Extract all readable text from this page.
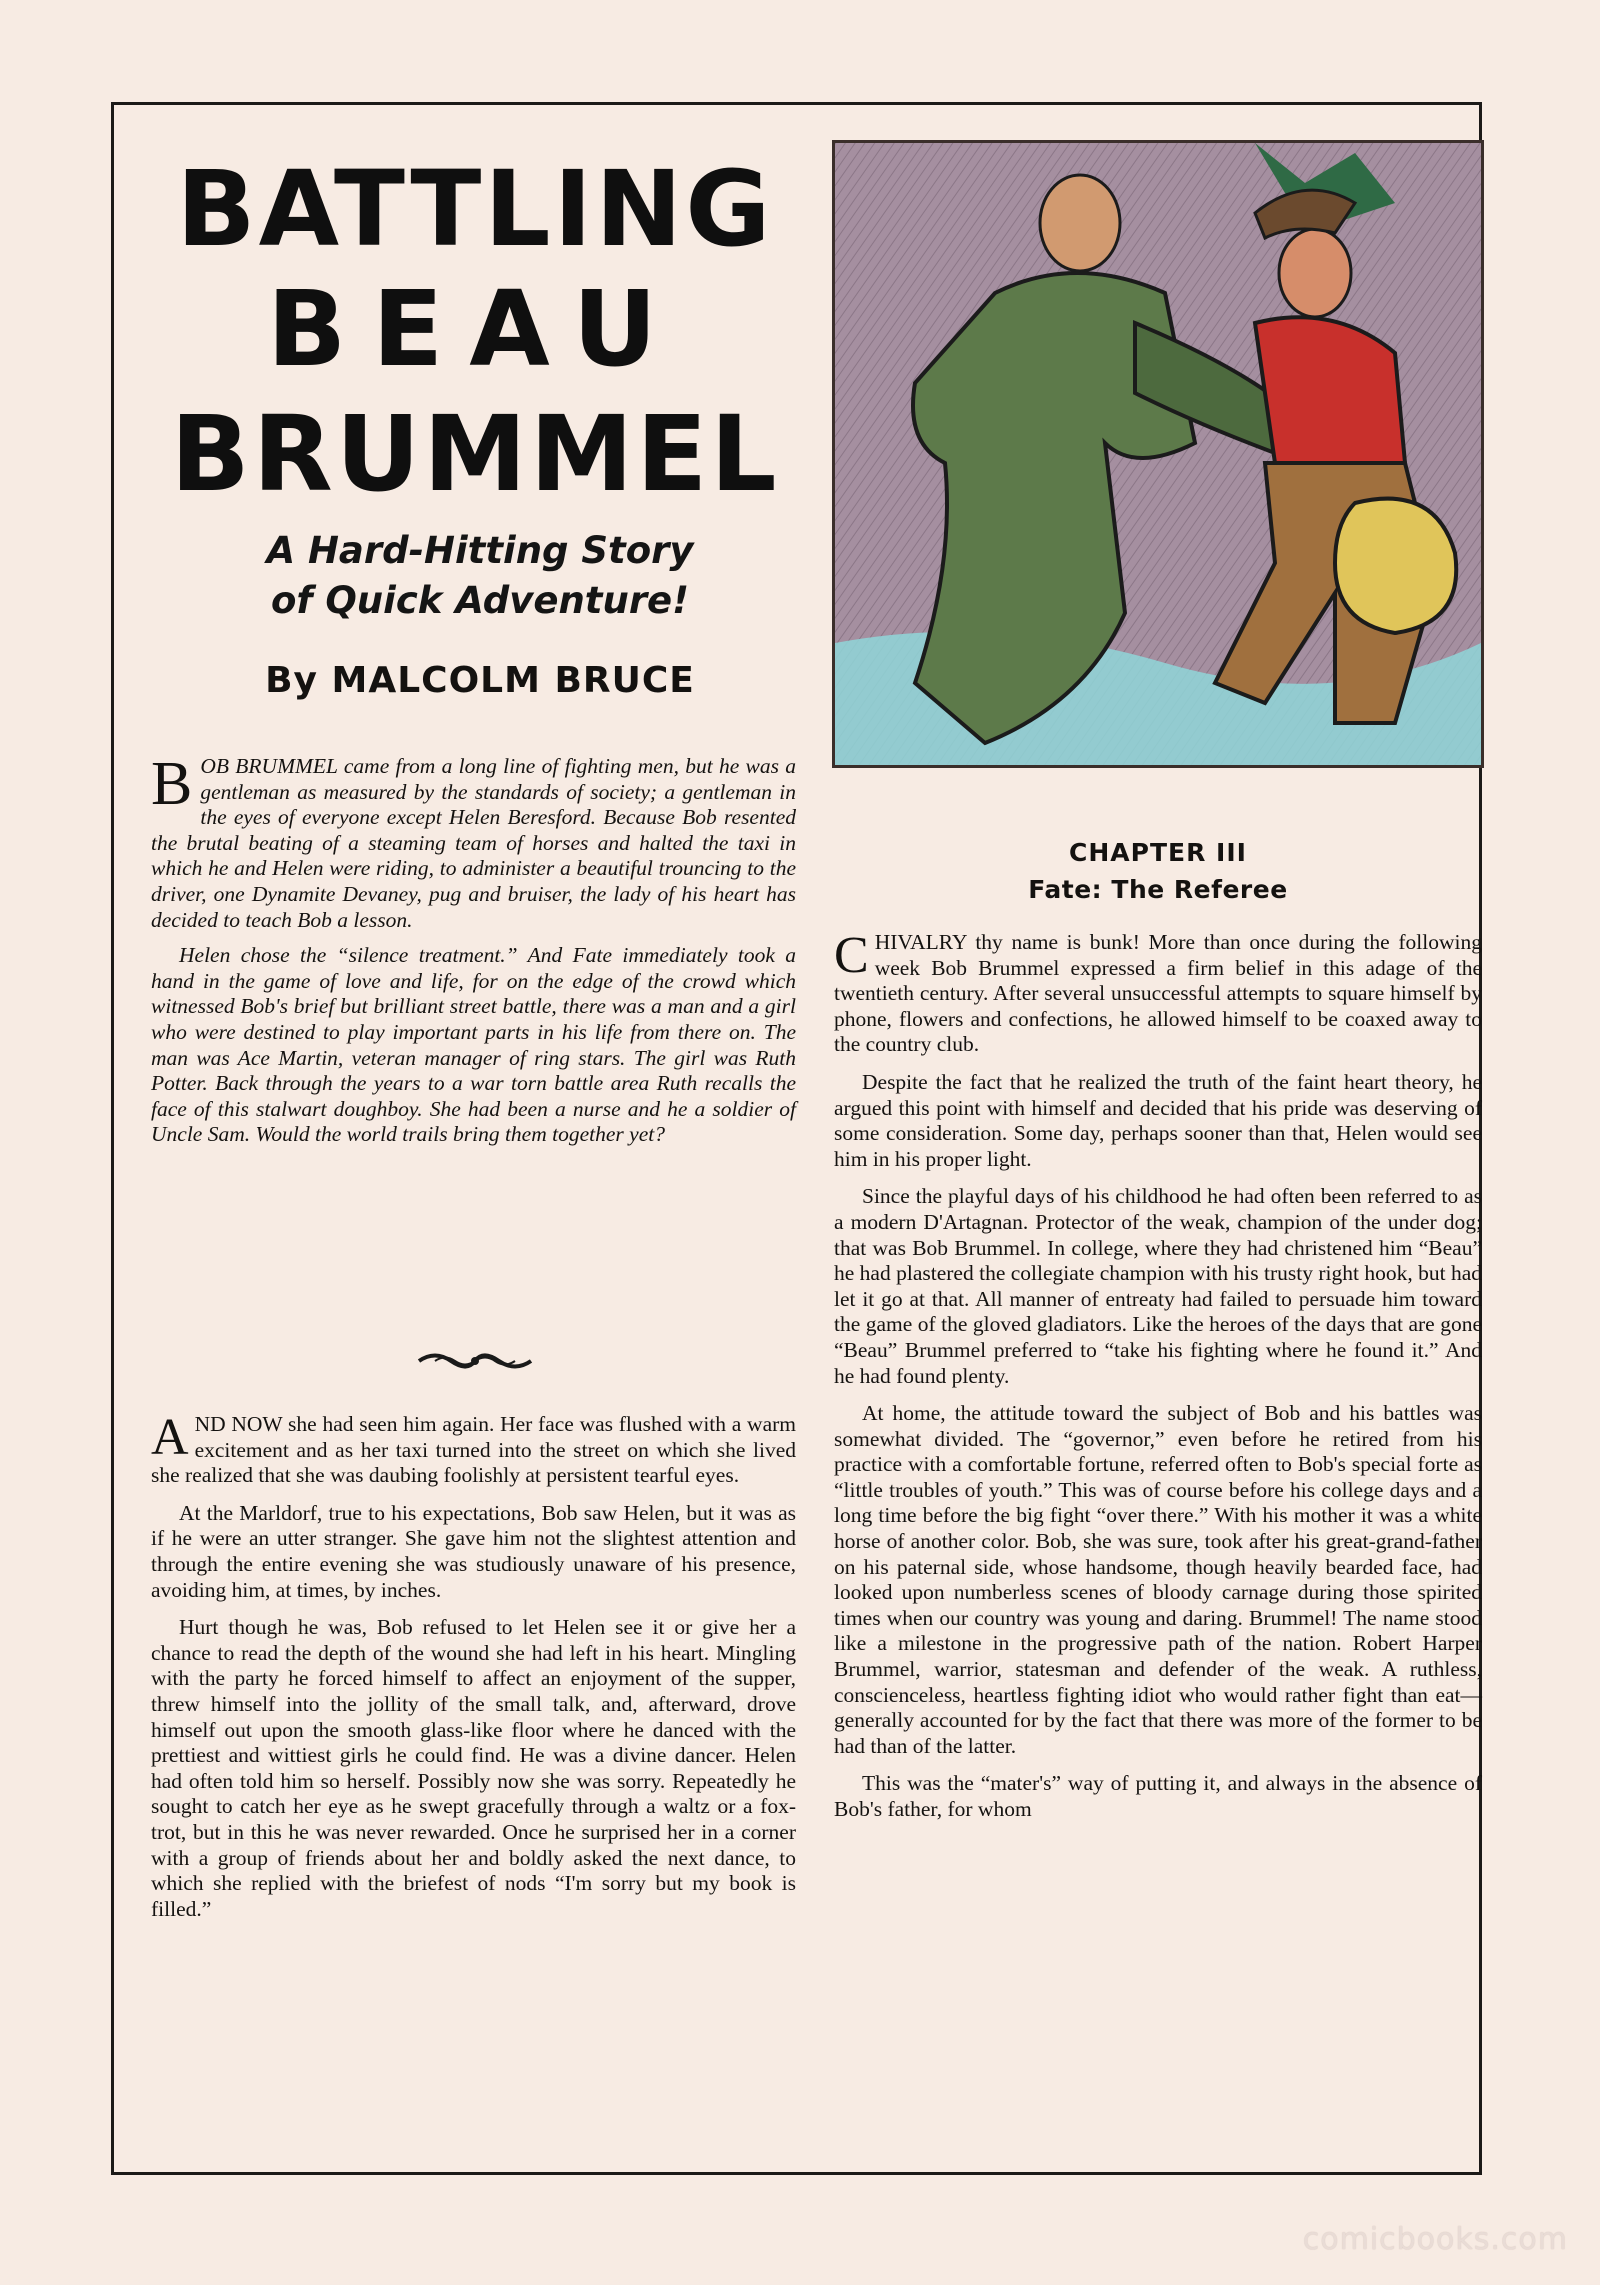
BATTLING
BEAU
BRUMMEL
A Hard-Hitting Story
of Quick Adventure!
By MALCOLM BRUCE

BOB BRUMMEL came from a long line of fighting men, but he was a gentleman as measured by the standards of society; a gentleman in the eyes of everyone except Helen Beresford. Because Bob resented the brutal beating of a steaming team of horses and halted the taxi in which he and Helen were riding, to administer a beautiful trouncing to the driver, one Dynamite Devaney, pug and bruiser, the lady of his heart has decided to teach Bob a lesson.

Helen chose the “silence treatment.” And Fate immediately took a hand in the game of love and life, for on the edge of the crowd which witnessed Bob's brief but brilliant street battle, there was a man and a girl who were destined to play important parts in his life from there on. The man was Ace Martin, veteran manager of ring stars. The girl was Ruth Potter. Back through the years to a war torn battle area Ruth recalls the face of this stalwart doughboy. She had been a nurse and he a soldier of Uncle Sam. Would the world trails bring them together yet?

AND NOW she had seen him again. Her face was flushed with a warm excitement and as her taxi turned into the street on which she lived she realized that she was daubing foolishly at persistent tearful eyes.

At the Marldorf, true to his expectations, Bob saw Helen, but it was as if he were an utter stranger. She gave him not the slightest attention and through the entire evening she was studiously unaware of his presence, avoiding him, at times, by inches.

Hurt though he was, Bob refused to let Helen see it or give her a chance to read the depth of the wound she had left in his heart. Mingling with the party he forced himself to affect an enjoyment of the supper, threw himself into the jollity of the small talk, and, afterward, drove himself out upon the smooth glass-like floor where he danced with the prettiest and wittiest girls he could find. He was a divine dancer. Helen had often told him so herself. Possibly now she was sorry. Repeatedly he sought to catch her eye as he swept gracefully through a waltz or a fox-trot, but in this he was never rewarded. Once he surprised her in a corner with a group of friends about her and boldly asked the next dance, to which she replied with the briefest of nods “I'm sorry but my book is filled.”

CHAPTER III
Fate: The Referee

CHIVALRY thy name is bunk! More than once during the following week Bob Brummel expressed a firm belief in this adage of the twentieth century. After several unsuccessful attempts to square himself by phone, flowers and confections, he allowed himself to be coaxed away to the country club.

Despite the fact that he realized the truth of the faint heart theory, he argued this point with himself and decided that his pride was deserving of some consideration. Some day, perhaps sooner than that, Helen would see him in his proper light.

Since the playful days of his childhood he had often been referred to as a modern D'Artagnan. Protector of the weak, champion of the under dog; that was Bob Brummel. In college, where they had christened him “Beau” he had plastered the collegiate champion with his trusty right hook, but had let it go at that. All manner of entreaty had failed to persuade him toward the game of the gloved gladiators. Like the heroes of the days that are gone “Beau” Brummel preferred to “take his fighting where he found it.” And he had found plenty.

At home, the attitude toward the subject of Bob and his battles was somewhat divided. The “governor,” even before he retired from his practice with a comfortable fortune, referred often to Bob's special forte as “little troubles of youth.” This was of course before his college days and a long time before the big fight “over there.” With his mother it was a white horse of another color. Bob, she was sure, took after his great-grand-father on his paternal side, whose handsome, though heavily bearded face, had looked upon numberless scenes of bloody carnage during those spirited times when our country was young and daring. Brummel! The name stood like a milestone in the progressive path of the nation. Robert Harper Brummel, warrior, statesman and defender of the weak. A ruthless, conscienceless, heartless fighting idiot who would rather fight than eat—generally accounted for by the fact that there was more of the former to be had than of the latter.

This was the “mater's” way of putting it, and always in the absence of Bob's father, for whom

comicbooks.com
